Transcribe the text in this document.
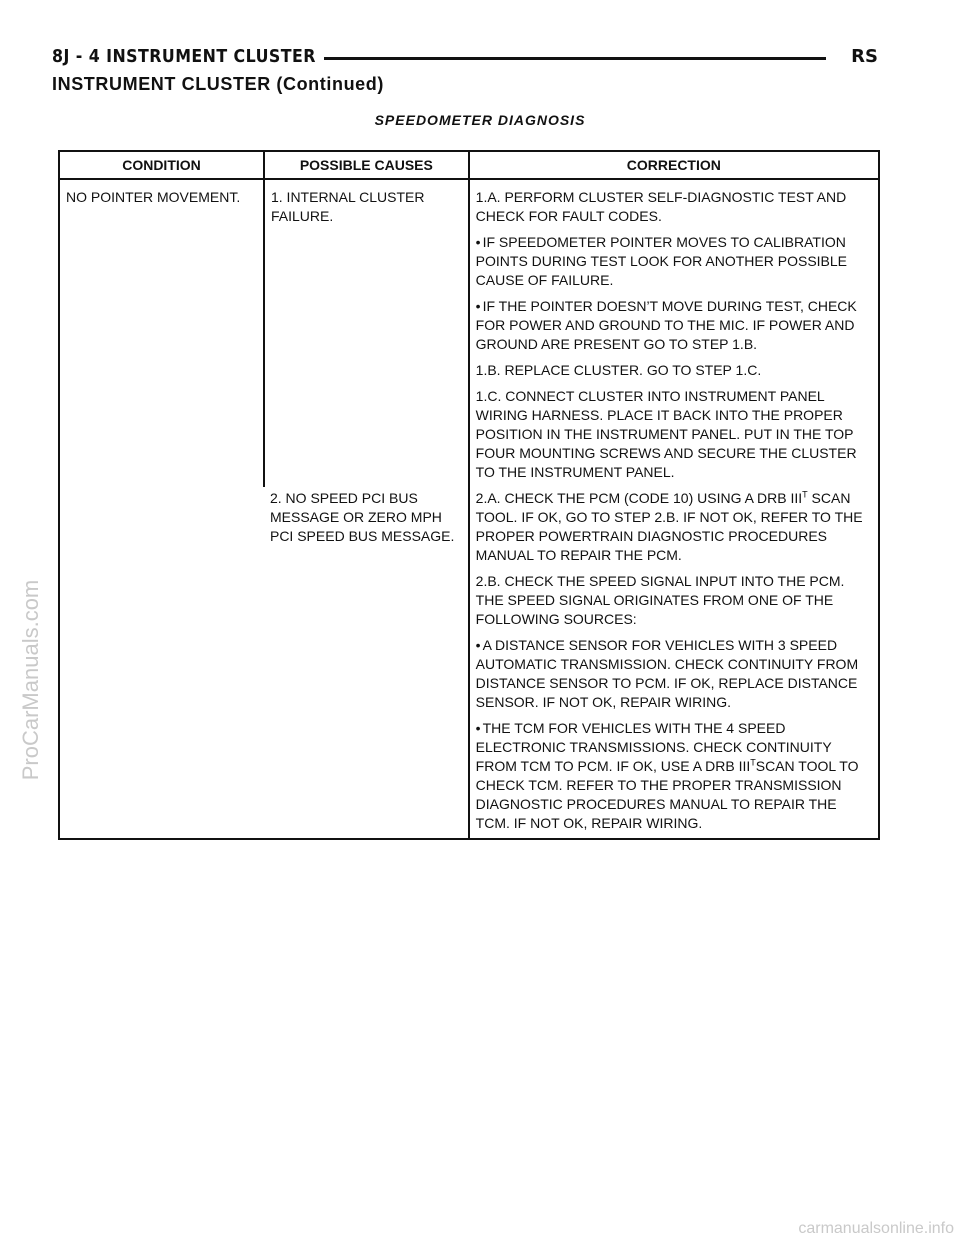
8J - 4 INSTRUMENT CLUSTER	RS
INSTRUMENT CLUSTER (Continued)
SPEEDOMETER DIAGNOSIS
CONDITION	POSSIBLE CAUSES	CORRECTION

NO POINTER MOVEMENT.	1. INTERNAL CLUSTER FAILURE.	1.A. PERFORM CLUSTER SELF-DIAGNOSTIC TEST AND CHECK FOR FAULT CODES.

• IF SPEEDOMETER POINTER MOVES TO CALIBRATION POINTS DURING TEST LOOK FOR ANOTHER POSSIBLE CAUSE OF FAILURE.

• IF THE POINTER DOESN’T MOVE DURING TEST, CHECK FOR POWER AND GROUND TO THE MIC. IF POWER AND GROUND ARE PRESENT GO TO STEP 1.B.

1.B. REPLACE CLUSTER. GO TO STEP 1.C.

1.C. CONNECT CLUSTER INTO INSTRUMENT PANEL WIRING HARNESS. PLACE IT BACK INTO THE PROPER POSITION IN THE INSTRUMENT PANEL. PUT IN THE TOP FOUR MOUNTING SCREWS AND SECURE THE CLUSTER TO THE INSTRUMENT PANEL.

	2. NO SPEED PCI BUS MESSAGE OR ZERO MPH PCI SPEED BUS MESSAGE.	2.A. CHECK THE PCM (CODE 10) USING A DRB $III^T$ SCAN TOOL. IF OK, GO TO STEP 2.B. IF NOT OK, REFER TO THE PROPER POWERTRAIN DIAGNOSTIC PROCEDURES MANUAL TO REPAIR THE PCM.

2.B. CHECK THE SPEED SIGNAL INPUT INTO THE PCM. THE SPEED SIGNAL ORIGINATES FROM ONE OF THE FOLLOWING SOURCES:

• A DISTANCE SENSOR FOR VEHICLES WITH 3 SPEED AUTOMATIC TRANSMISSION. CHECK CONTINUITY FROM DISTANCE SENSOR TO PCM. IF OK, REPLACE DISTANCE SENSOR. IF NOT OK, REPAIR WIRING.

• THE TCM FOR VEHICLES WITH THE 4 SPEED ELECTRONIC TRANSMISSIONS. CHECK CONTINUITY FROM TCM TO PCM. IF OK, USE A DRB $III^TSCAN$ TOOL TO CHECK TCM. REFER TO THE PROPER TRANSMISSION DIAGNOSTIC PROCEDURES MANUAL TO REPAIR THE TCM. IF NOT OK, REPAIR WIRING.

ProCarManuals.com
carmanualsonline.info
